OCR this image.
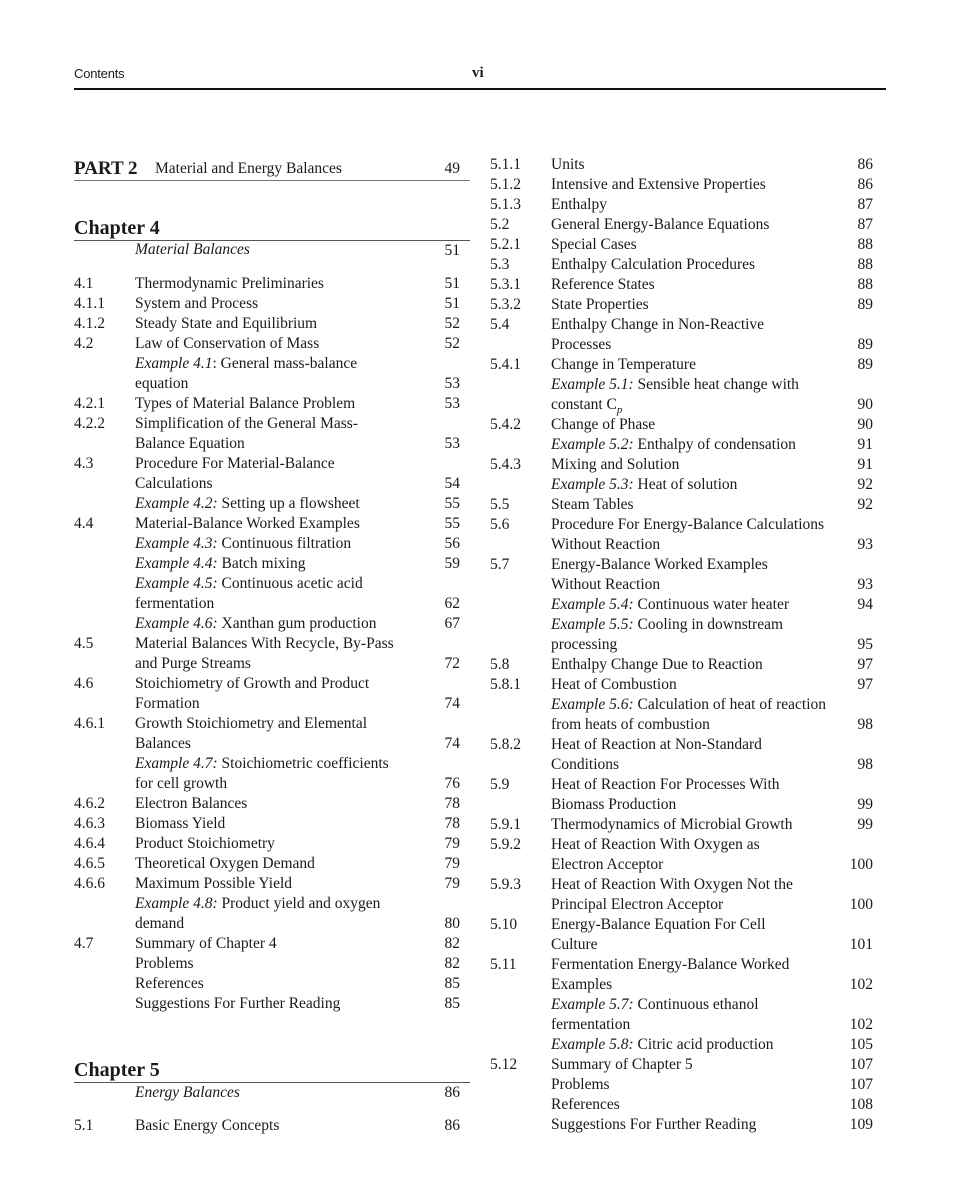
Contents	vi
PART 2 Material and Energy Balances	49
Chapter 4
Material Balances	51
4.1	Thermodynamic Preliminaries	51
4.1.1 System and Process	51
4.1.2 Steady State and Equilibrium	52
4.2	Law of Conservation of Mass	52
Example 4.1: General mass-balance
equation	53
4.2.1 Types of Material Balance Problem	53
4.2.2 Simplification of the General Mass-
Balance Equation	53
4.3	Procedure For Material-Balance
Calculations	54
Example 4.2: Setting up a flowsheet	55
4.4	Material-Balance Worked Examples	55
Example 4.3: Continuous filtration	56
Example 4.4: Batch mixing	59
Example 4.5: Continuous acetic acid
fermentation	62
Example 4.6: Xanthan gum production	67
4.5	Material Balances With Recycle, By-Pass
and Purge Streams	72
4.6	Stoichiometry of Growth and Product
Formation	74
4.6.1 Growth Stoichiometry and Elemental
Balances	74
Example 4.7: Stoichiometric coefficients
for cell growth	76
4.6.2 Electron Balances	78
4.6.3 Biomass Yield	78
4.6.4 Product Stoichiometry	79
4.6.5 Theoretical Oxygen Demand	79
4.6.6 Maximum Possible Yield	79
Example 4.8: Product yield and oxygen
demand	80
4.7	Summary of Chapter 4	82
Problems	82
References	85
Suggestions For Further Reading	85
Chapter 5
Energy Balances	86
5.1	Basic Energy Concepts	86
5.1.1 Units	86
5.1.2 Intensive and Extensive Properties	86
5.1.3 Enthalpy	87
5.2	General Energy-Balance Equations	87
5.2.1 Special Cases	88
5.3	Enthalpy Calculation Procedures	88
5.3.1 Reference States	88
5.3.2 State Properties	89
5.4	Enthalpy Change in Non-Reactive
Processes	89
5.4.1 Change in Temperature	89
Example 5.1: Sensible heat change with
constant $C_p$	90
5.4.2 Change of Phase	90
Example 5.2: Enthalpy of condensation	91
5.4.3 Mixing and Solution	91
Example 5.3: Heat of solution	92
5.5	Steam Tables	92
5.6	Procedure For Energy-Balance Calculations
Without Reaction	93
5.7	Energy-Balance Worked Examples
Without Reaction	93
Example 5.4: Continuous water heater	94
Example 5.5: Cooling in downstream
processing	95
5.8	Enthalpy Change Due to Reaction	97
5.8.1 Heat of Combustion	97
Example 5.6: Calculation of heat of reaction
from heats of combustion	98
5.8.2 Heat of Reaction at Non-Standard
Conditions	98
5.9	Heat of Reaction For Processes With
Biomass Production	99
5.9.1 Thermodynamics of Microbial Growth	99
5.9.2 Heat of Reaction With Oxygen as
Electron Acceptor	100
5.9.3 Heat of Reaction With Oxygen Not the
Principal Electron Acceptor	100
5.10 Energy-Balance Equation For Cell
Culture	101
5.11 Fermentation Energy-Balance Worked
Examples	102
Example 5.7: Continuous ethanol
fermentation	102
Example 5.8: Citric acid production	105
5.12 Summary of Chapter 5	107
Problems	107
References	108
Suggestions For Further Reading	109
